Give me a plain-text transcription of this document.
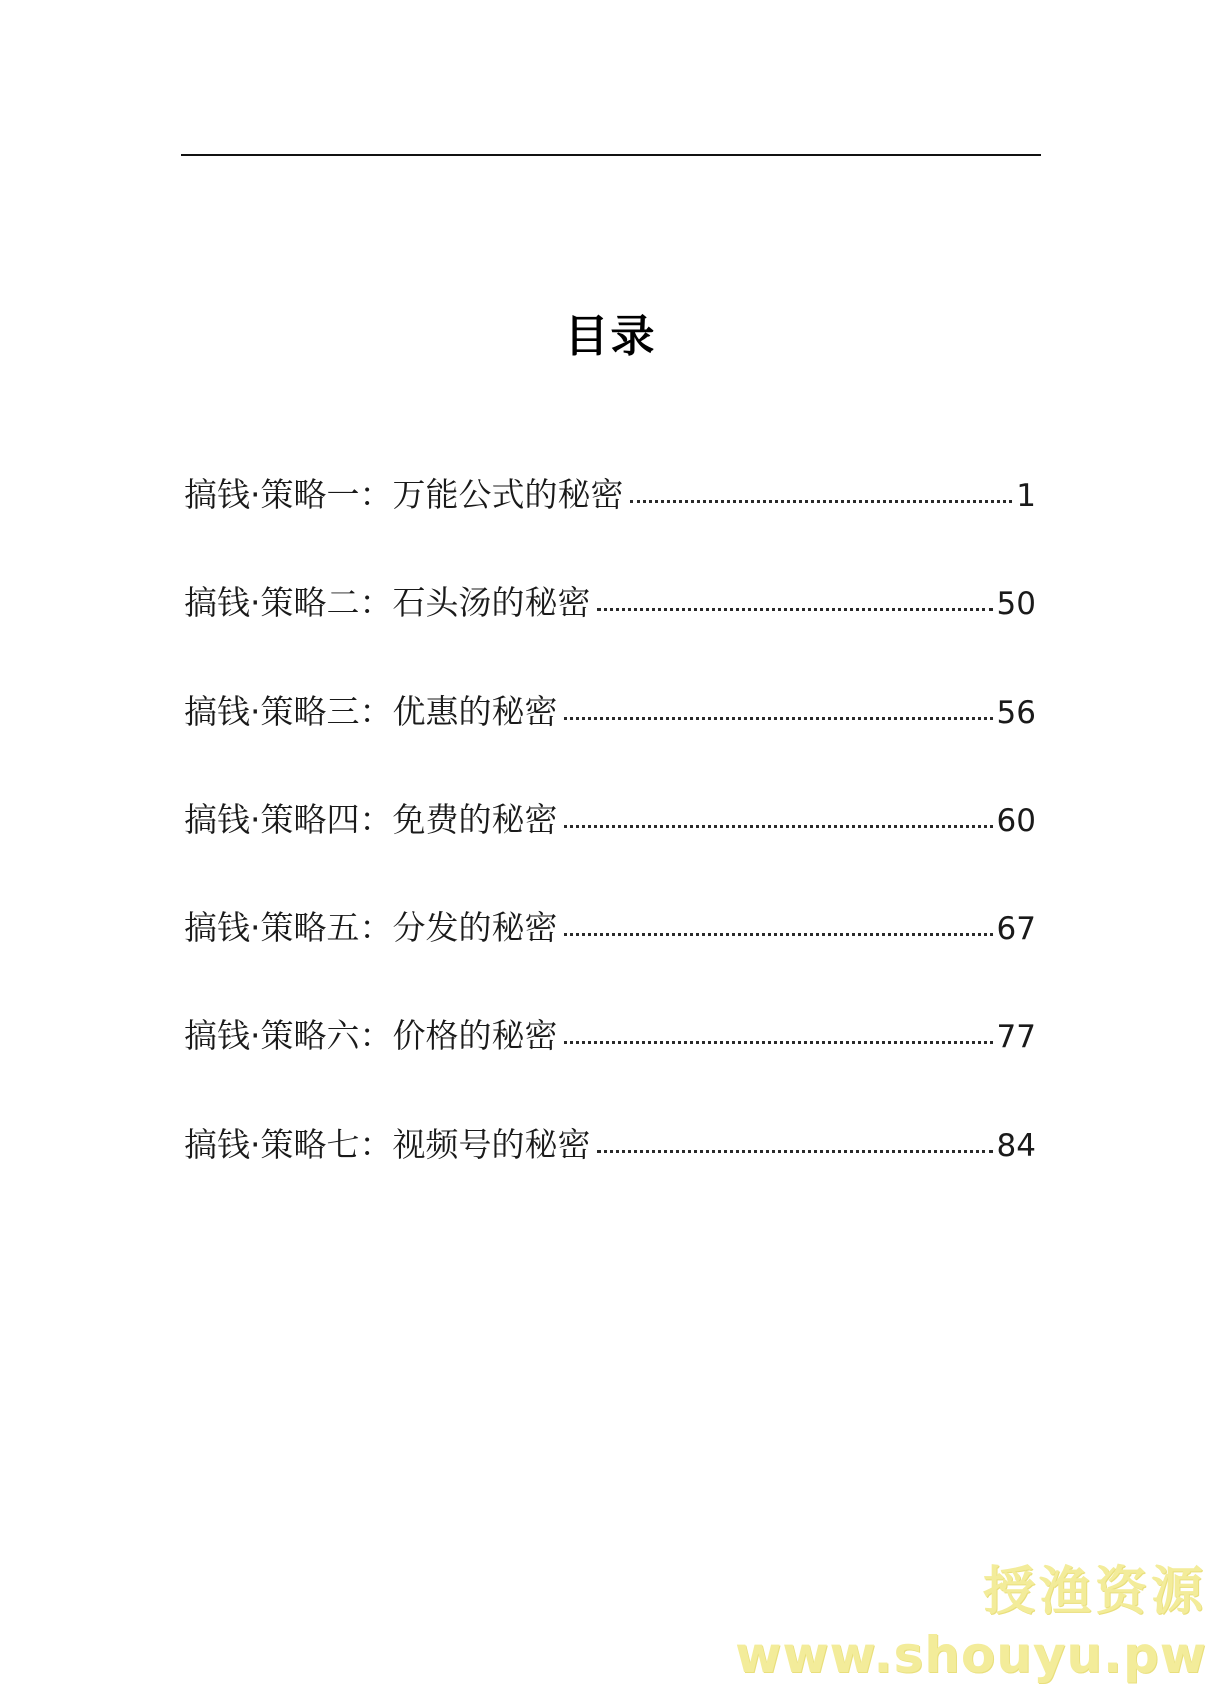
目录
搞钱·策略一：万能公式的秘密	1
搞钱·策略二：石头汤的秘密	50
搞钱·策略三：优惠的秘密	56
搞钱·策略四：免费的秘密	60
搞钱·策略五：分发的秘密	67
搞钱·策略六：价格的秘密	77
搞钱·策略七：视频号的秘密	84
授渔资源
www.shouyu.pw
